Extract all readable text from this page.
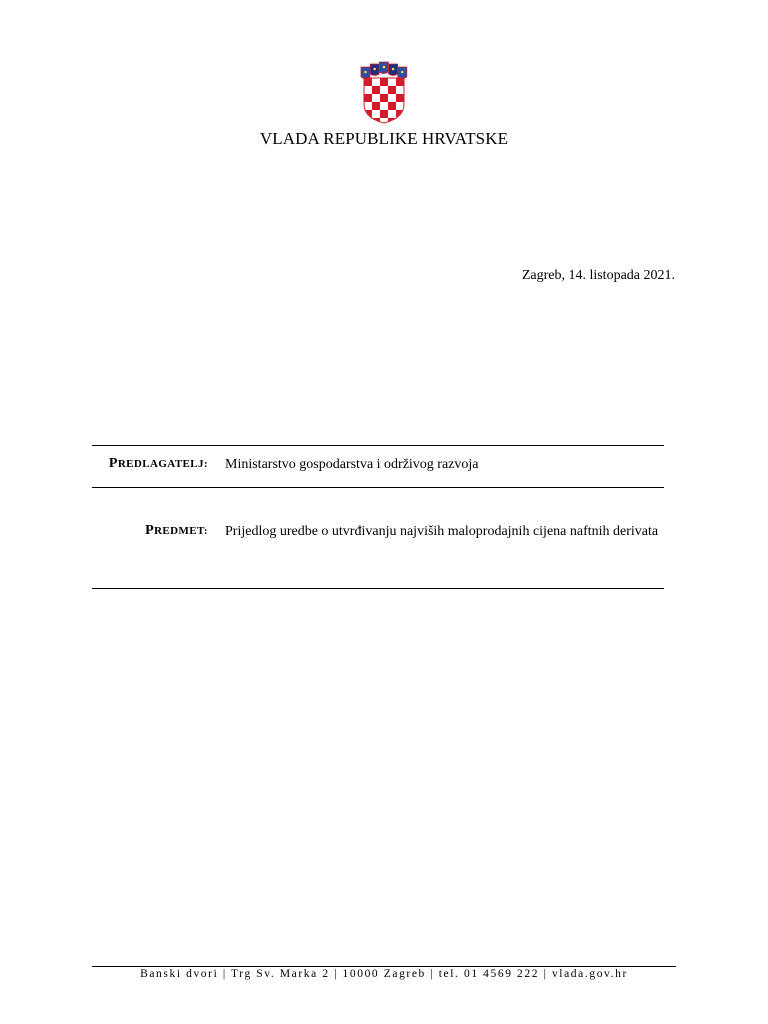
VLADA REPUBLIKE HRVATSKE
Zagreb, 14. listopada 2021.
PREDLAGATELJ: Ministarstvo gospodarstva i održivog razvoja
PREDMET: Prijedlog uredbe o utvrđivanju najviših maloprodajnih cijena naftnih derivata
Banski dvori | Trg Sv. Marka 2 | 10000 Zagreb | tel. 01 4569 222 | vlada.gov.hr
